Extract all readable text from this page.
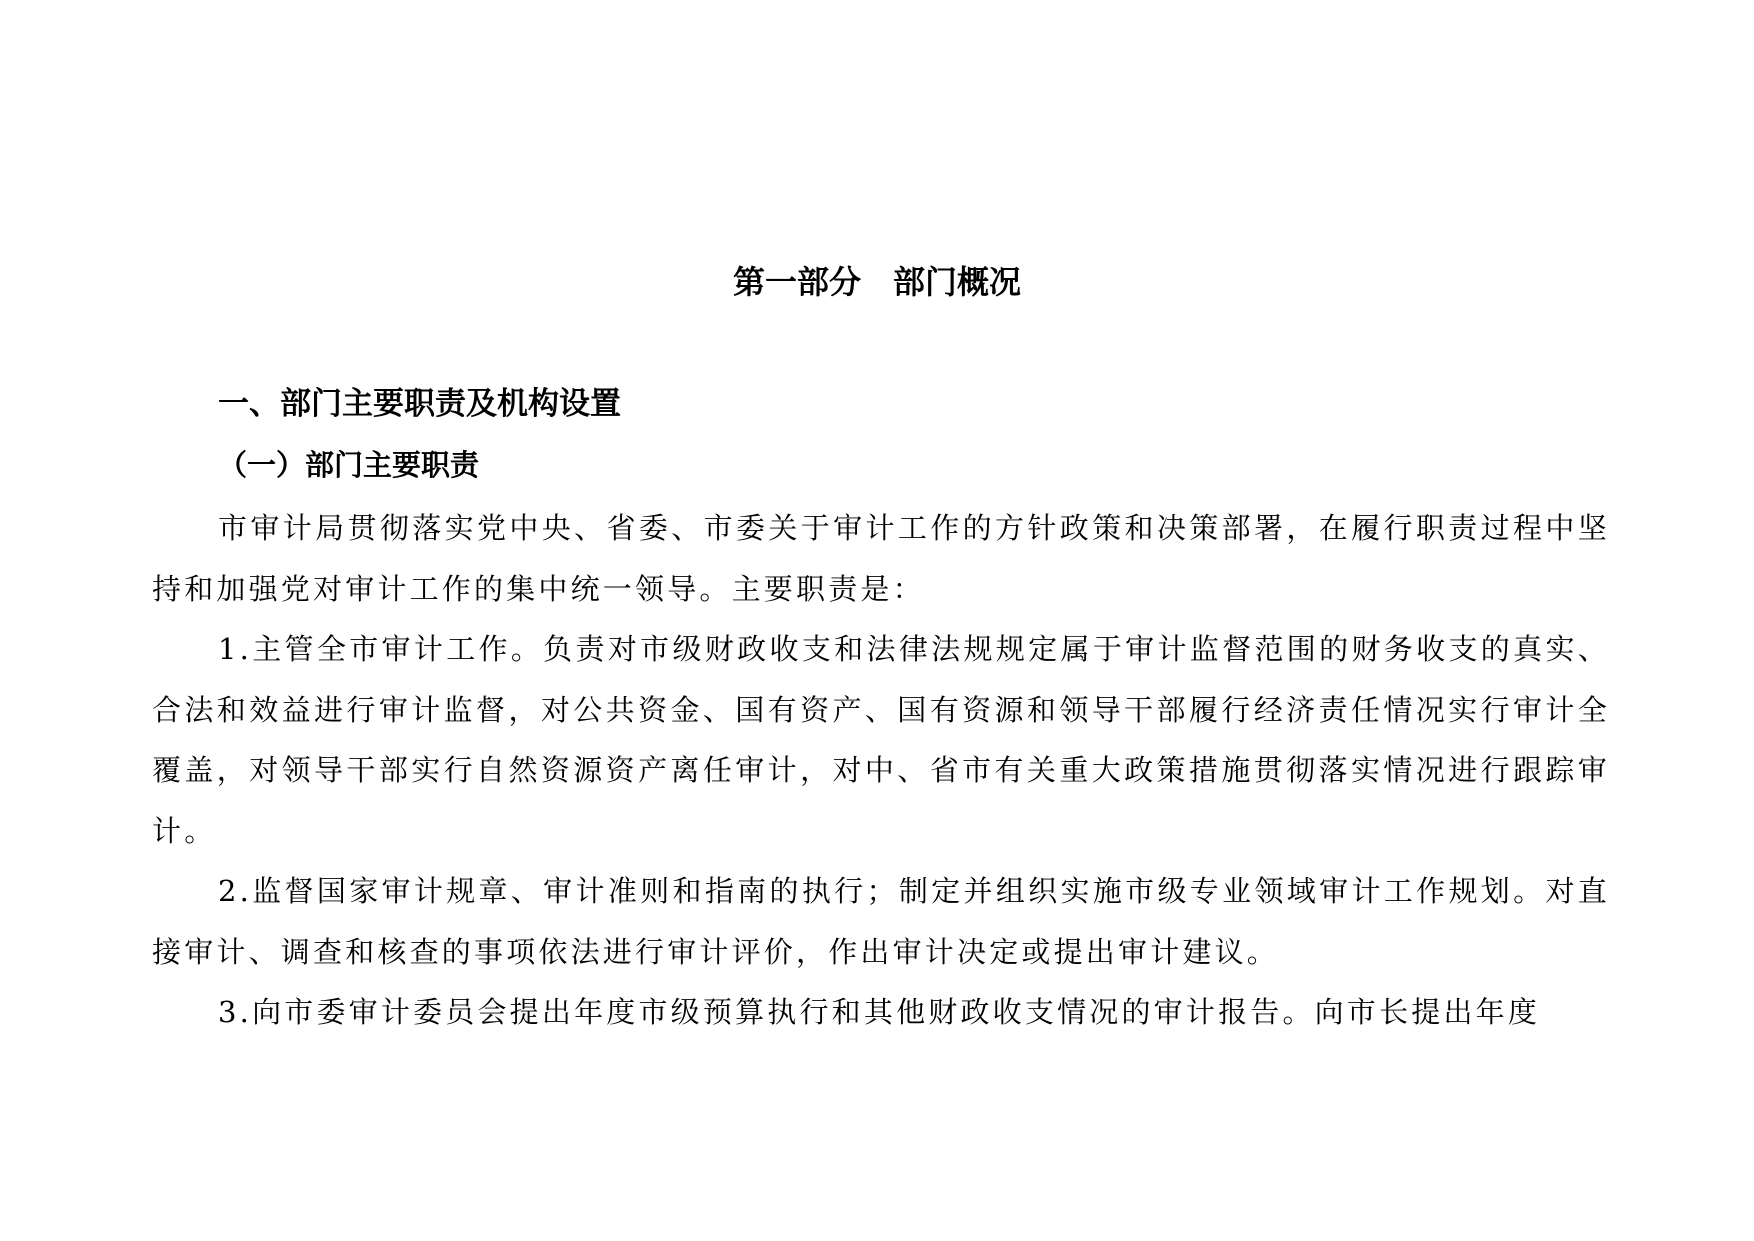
第一部分　部门概况
一、部门主要职责及机构设置
（一）部门主要职责

市审计局贯彻落实党中央、省委、市委关于审计工作的方针政策和决策部署，在履行职责过程中坚持和加强党对审计工作的集中统一领导。主要职责是：

1.主管全市审计工作。负责对市级财政收支和法律法规规定属于审计监督范围的财务收支的真实、合法和效益进行审计监督，对公共资金、国有资产、国有资源和领导干部履行经济责任情况实行审计全覆盖，对领导干部实行自然资源资产离任审计，对中、省市有关重大政策措施贯彻落实情况进行跟踪审计。

2.监督国家审计规章、审计准则和指南的执行；制定并组织实施市级专业领域审计工作规划。对直接审计、调查和核查的事项依法进行审计评价，作出审计决定或提出审计建议。

3.向市委审计委员会提出年度市级预算执行和其他财政收支情况的审计报告。向市长提出年度
